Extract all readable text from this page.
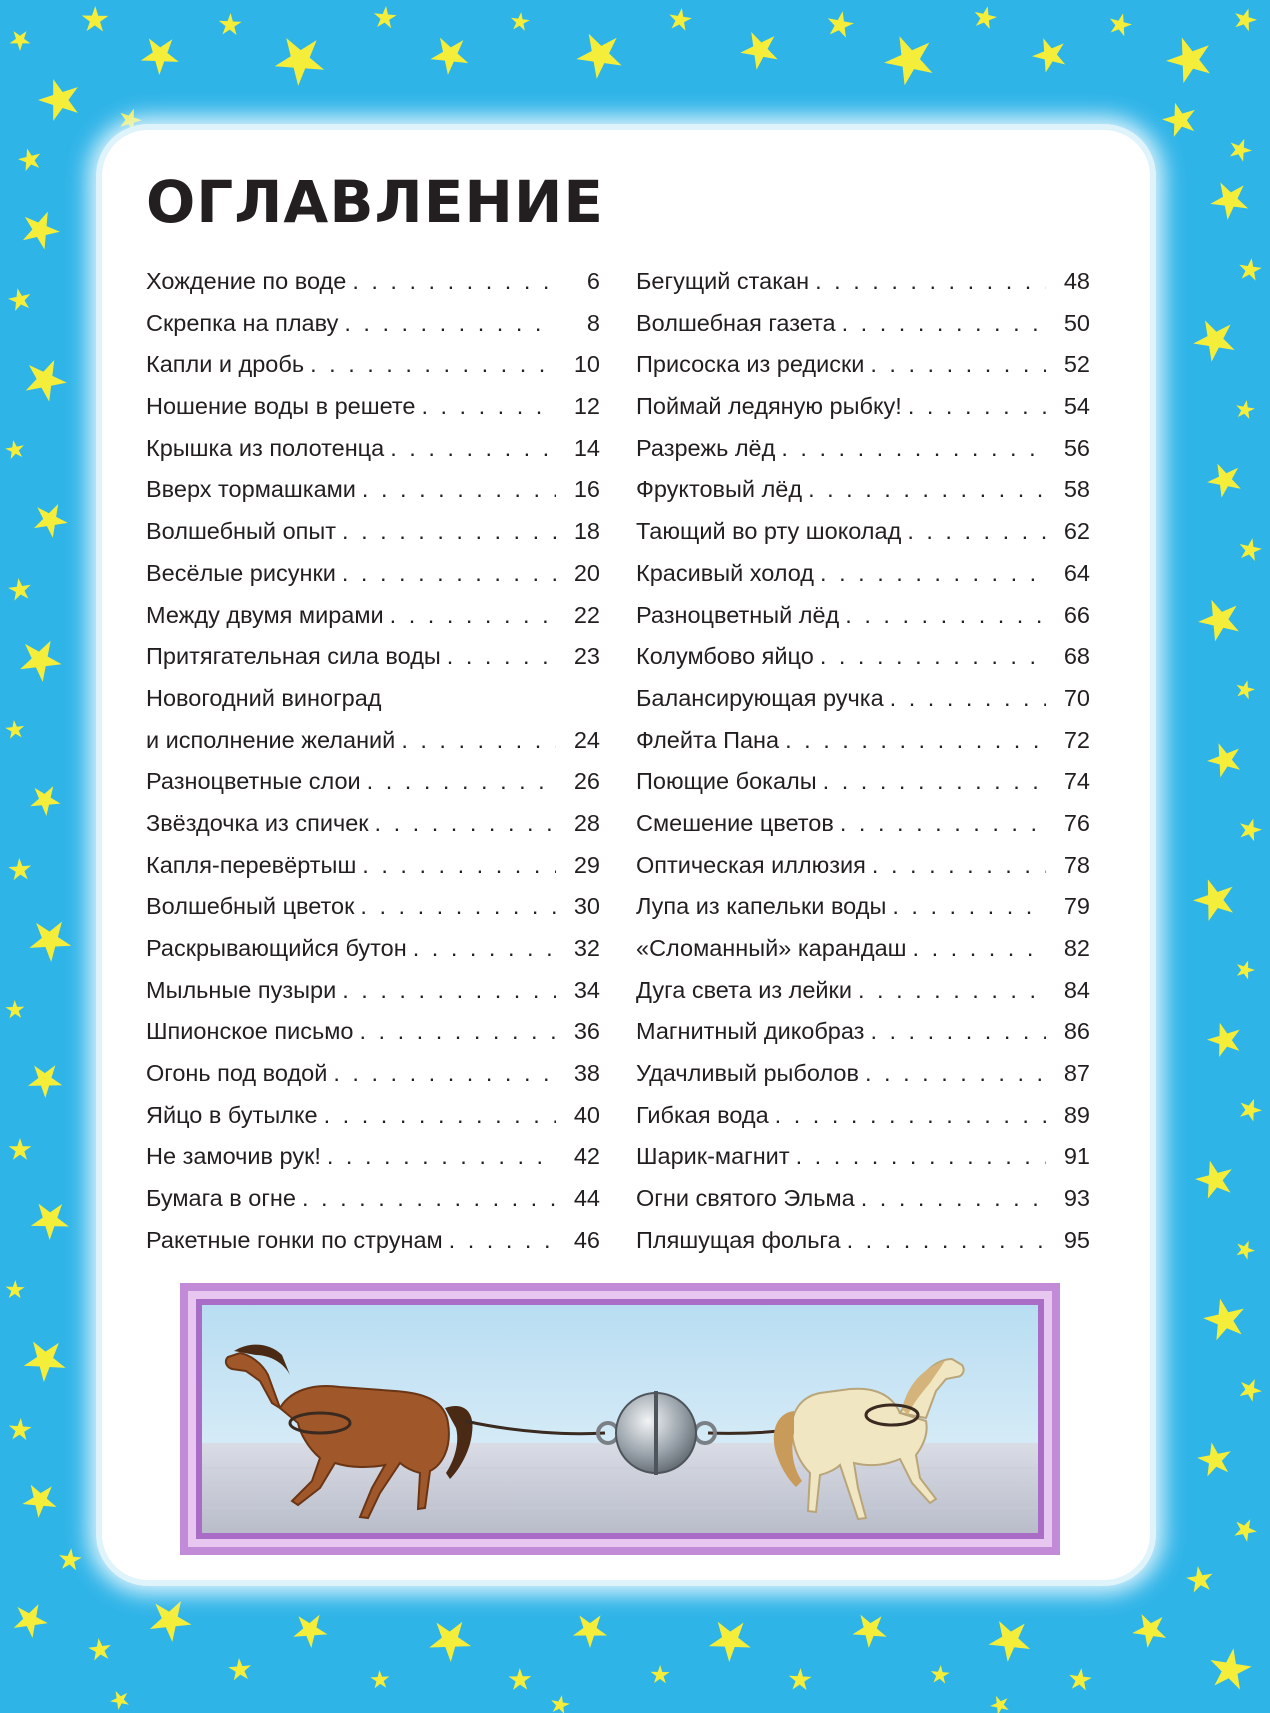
ОГЛАВЛЕНИЕ
Хождение по воде . . .	6
Скрепка на плаву . . .	8
Капли и дробь . . .	10
Ношение воды в решете . . .	12
Крышка из полотенца . . .	14
Вверх тормашками . . .	16
Волшебный опыт . . .	18
Весёлые рисунки . . .	20
Между двумя мирами . . .	22
Притягательная сила воды . . .	23
Новогодний виноград
и исполнение желаний . . .	24
Разноцветные слои . . .	26
Звёздочка из спичек . . .	28
Капля-перевёртыш . . .	29
Волшебный цветок . . .	30
Раскрывающийся бутон . . .	32
Мыльные пузыри . . .	34
Шпионское письмо . . .	36
Огонь под водой . . .	38
Яйцо в бутылке . . .	40
Не замочив рук! . . .	42
Бумага в огне . . .	44
Ракетные гонки по струнам . . .	46
Бегущий стакан . . .	48
Волшебная газета . . .	50
Присоска из редиски . . .	52
Поймай ледяную рыбку! . . .	54
Разрежь лёд . . .	56
Фруктовый лёд . . .	58
Тающий во рту шоколад . . .	62
Красивый холод . . .	64
Разноцветный лёд . . .	66
Колумбово яйцо . . .	68
Балансирующая ручка . . .	70
Флейта Пана . . .	72
Поющие бокалы . . .	74
Смешение цветов . . .	76
Оптическая иллюзия . . .	78
Лупа из капельки воды . . .	79
«Сломанный» карандаш . . .	82
Дуга света из лейки . . .	84
Магнитный дикобраз . . .	86
Удачливый рыболов . . .	87
Гибкая вода . . .	89
Шарик-магнит . . .	91
Огни святого Эльма . . .	93
Пляшущая фольга . . .	95
